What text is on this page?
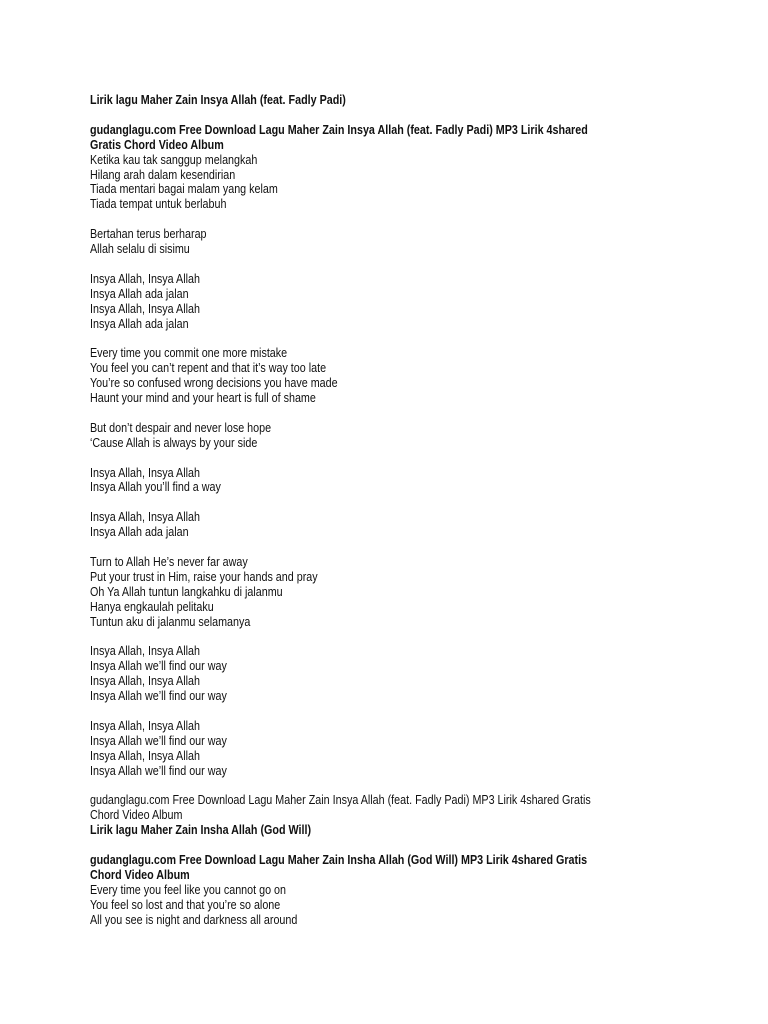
Lirik lagu Maher Zain Insya Allah (feat. Fadly Padi)
gudanglagu.com Free Download Lagu Maher Zain Insya Allah (feat. Fadly Padi) MP3 Lirik 4shared
Gratis Chord Video Album
Ketika kau tak sanggup melangkah
Hilang arah dalam kesendirian
Tiada mentari bagai malam yang kelam
Tiada tempat untuk berlabuh
Bertahan terus berharap
Allah selalu di sisimu
Insya Allah, Insya Allah
Insya Allah ada jalan
Insya Allah, Insya Allah
Insya Allah ada jalan
Every time you commit one more mistake
You feel you can’t repent and that it’s way too late
You’re so confused wrong decisions you have made
Haunt your mind and your heart is full of shame
But don’t despair and never lose hope
‘Cause Allah is always by your side
Insya Allah, Insya Allah
Insya Allah you’ll find a way
Insya Allah, Insya Allah
Insya Allah ada jalan
Turn to Allah He’s never far away
Put your trust in Him, raise your hands and pray
Oh Ya Allah tuntun langkahku di jalanmu
Hanya engkaulah pelitaku
Tuntun aku di jalanmu selamanya
Insya Allah, Insya Allah
Insya Allah we’ll find our way
Insya Allah, Insya Allah
Insya Allah we’ll find our way
Insya Allah, Insya Allah
Insya Allah we’ll find our way
Insya Allah, Insya Allah
Insya Allah we’ll find our way
gudanglagu.com Free Download Lagu Maher Zain Insya Allah (feat. Fadly Padi) MP3 Lirik 4shared Gratis
Chord Video Album
Lirik lagu Maher Zain Insha Allah (God Will)
gudanglagu.com Free Download Lagu Maher Zain Insha Allah (God Will) MP3 Lirik 4shared Gratis
Chord Video Album
Every time you feel like you cannot go on
You feel so lost and that you’re so alone
All you see is night and darkness all around
